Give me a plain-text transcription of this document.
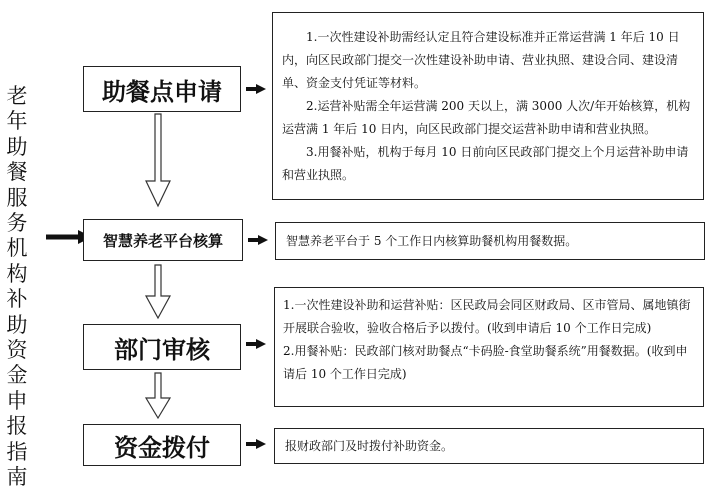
老年助餐服务机构补助资金申报指南
助餐点申请
智慧养老平台核算
部门审核
资金拨付

1.一次性建设补助需经认定且符合建设标准并正常运营满 1 年后 10 日内，向区民政部门提交一次性建设补助申请、营业执照、建设合同、建设清单、资金支付凭证等材料。

2.运营补贴需全年运营满 200 天以上，满 3000 人次/年开始核算，机构运营满 1 年后 10 日内，向区民政部门提交运营补助申请和营业执照。

3.用餐补贴，机构于每月 10 日前向区民政部门提交上个月运营补助申请和营业执照。

智慧养老平台于 5 个工作日内核算助餐机构用餐数据。

1.一次性建设补助和运营补贴：区民政局会同区财政局、区市管局、属地镇街开展联合验收，验收合格后予以拨付。(收到申请后 10 个工作日完成)

2.用餐补贴：民政部门核对助餐点“卡码脸-食堂助餐系统”用餐数据。(收到申请后 10 个工作日完成)

报财政部门及时拨付补助资金。
